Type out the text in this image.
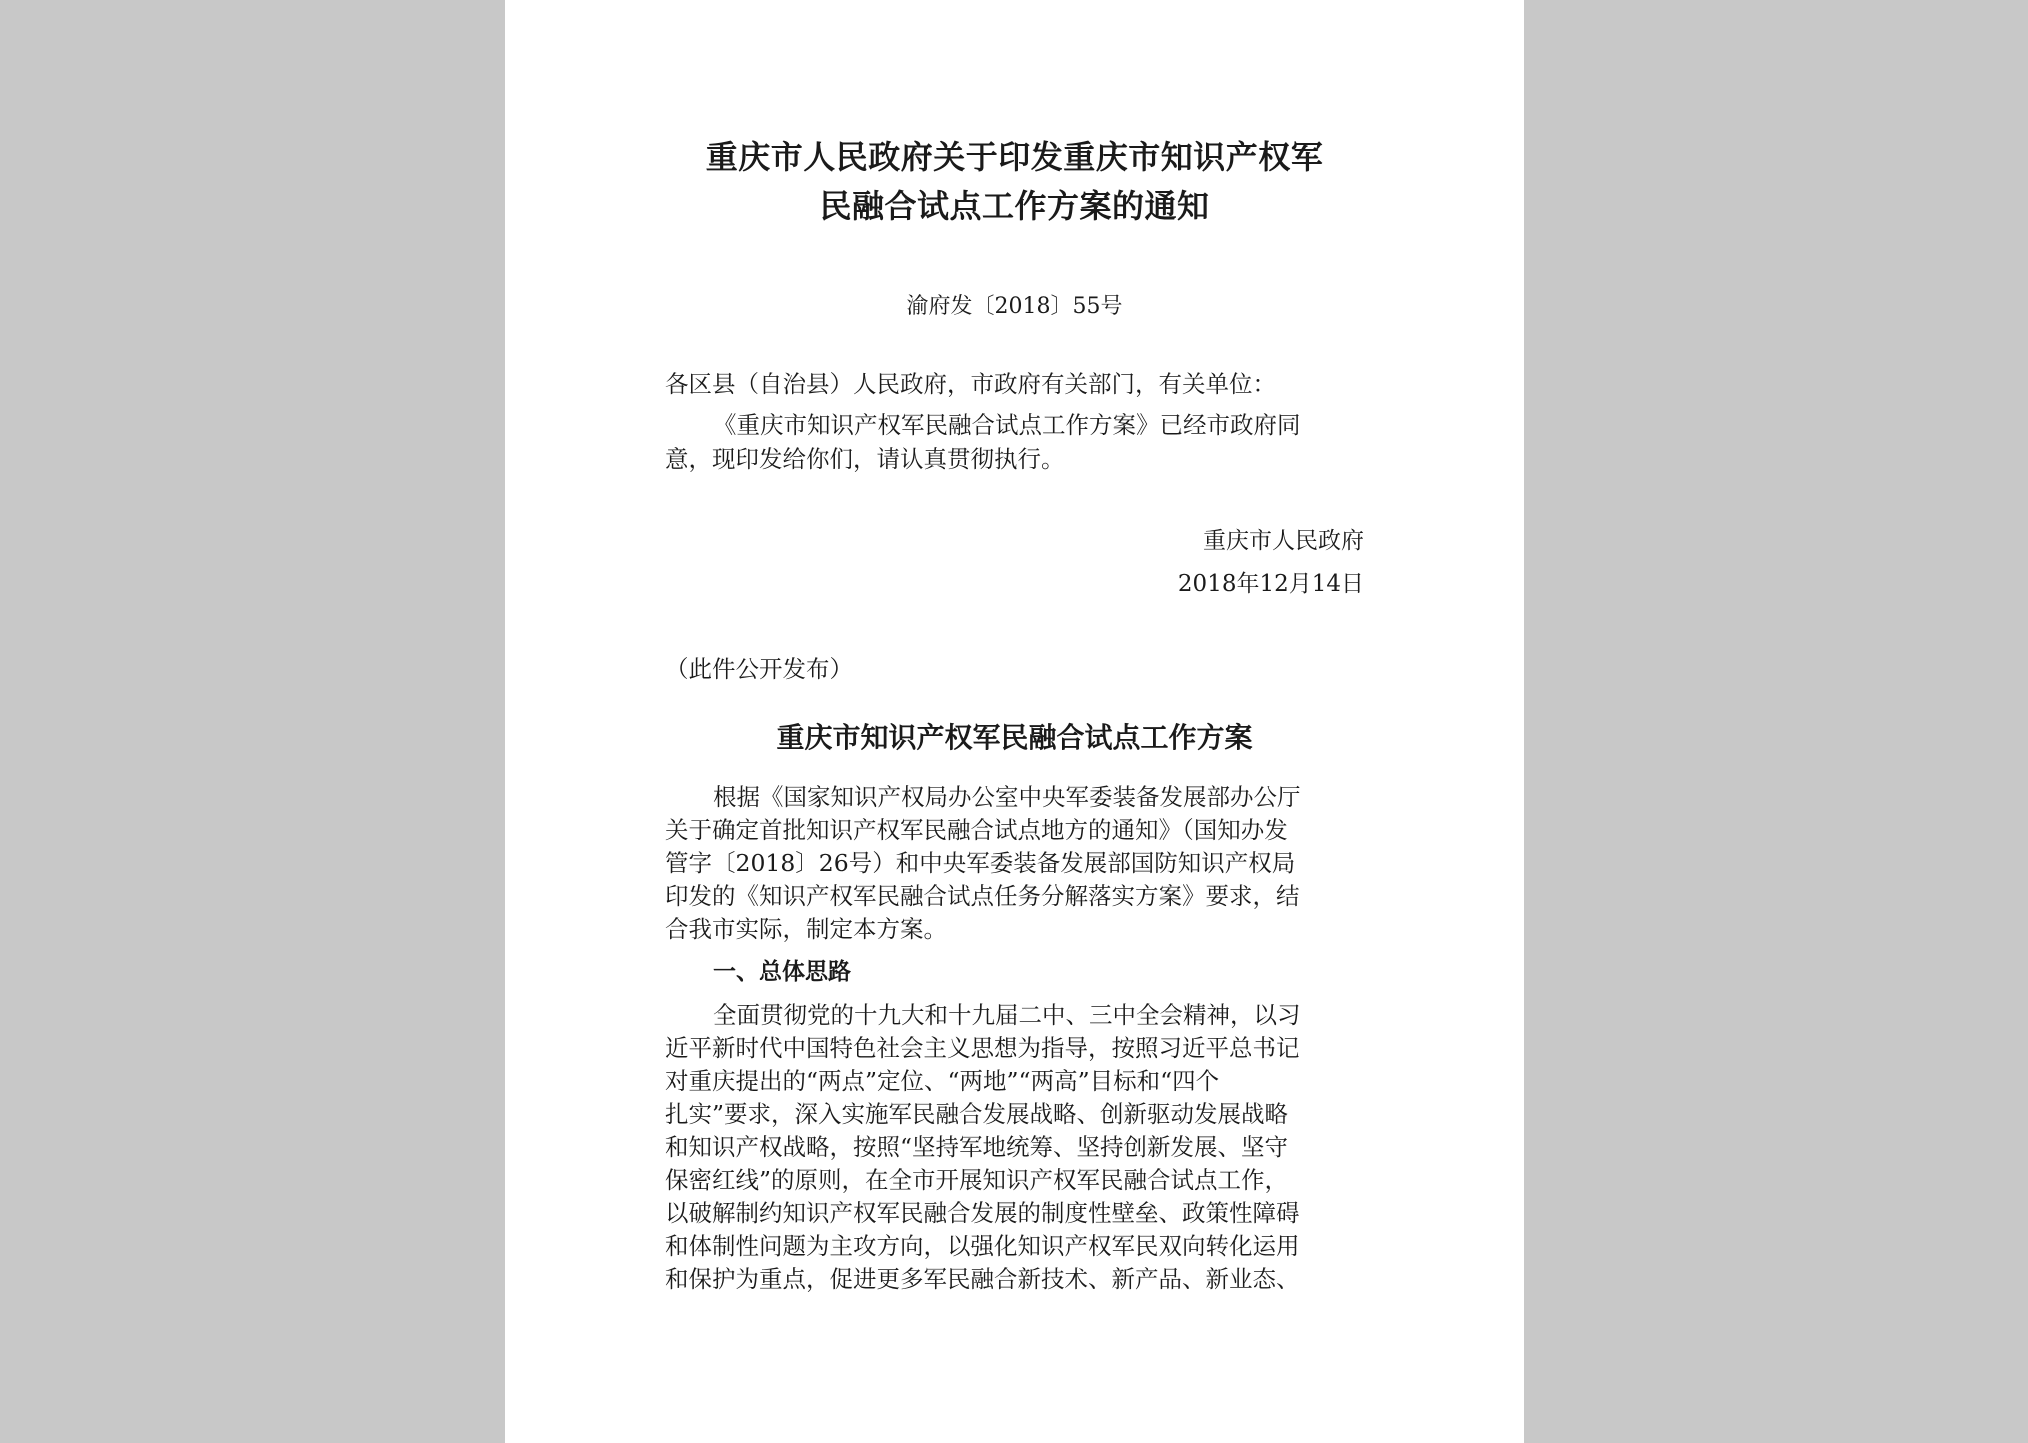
重庆市人民政府关于印发重庆市知识产权军
民融合试点工作方案的通知
渝府发〔2018〕55号
各区县（自治县）人民政府，市政府有关部门，有关单位：
《重庆市知识产权军民融合试点工作方案》已经市政府同
意，现印发给你们，请认真贯彻执行。
重庆市人民政府
2018年12月14日
（此件公开发布）
重庆市知识产权军民融合试点工作方案
根据《国家知识产权局办公室中央军委装备发展部办公厅
关于确定首批知识产权军民融合试点地方的通知》（国知办发
管字〔2018〕26号）和中央军委装备发展部国防知识产权局
印发的《知识产权军民融合试点任务分解落实方案》要求，结
合我市实际，制定本方案。
一、总体思路
全面贯彻党的十九大和十九届二中、三中全会精神，以习
近平新时代中国特色社会主义思想为指导，按照习近平总书记
对重庆提出的“两点”定位、“两地”“两高”目标和“四个
扎实”要求，深入实施军民融合发展战略、创新驱动发展战略
和知识产权战略，按照“坚持军地统筹、坚持创新发展、坚守
保密红线”的原则，在全市开展知识产权军民融合试点工作，
以破解制约知识产权军民融合发展的制度性壁垒、政策性障碍
和体制性问题为主攻方向，以强化知识产权军民双向转化运用
和保护为重点，促进更多军民融合新技术、新产品、新业态、
